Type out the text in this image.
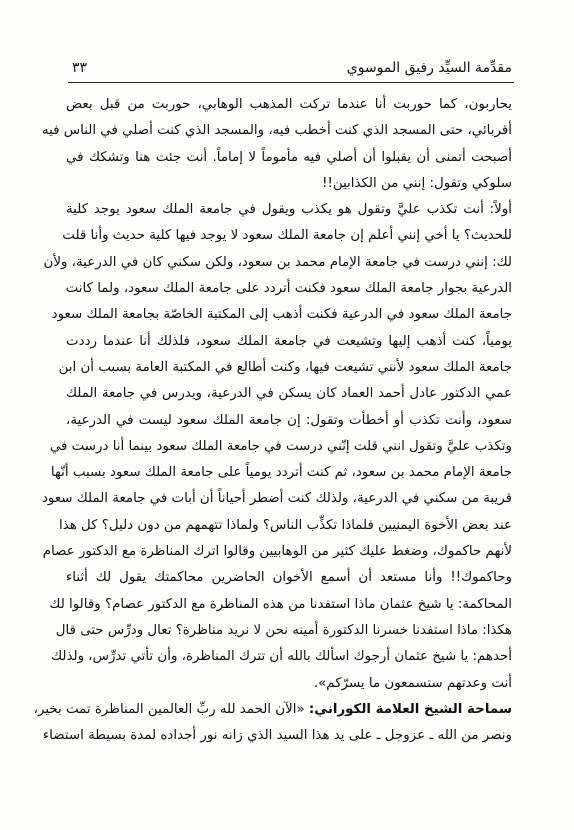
مقدِّمة السيِّد رفيق الموسوي
٣٣
يحاربون، كما حوربت أنا عندما تركت المذهب الوهابي، حوربت من قبل بعض
أقربائي، حتى المسجد الذي كنت أخطب فيه، والمسجد الذي كنت أصلي في الناس فيه
أصبحت أتمنى أن يقبلوا أن أصلي فيه مأموماً لا إماماً. أنت جئت هنا وتشكك في
سلوكي وتقول: إنني من الكذابين!!
أولاً: أنت تكذب عليَّ وتقول هو يكذب ويقول في جامعة الملك سعود يوجد كلية
للحديث؟ يا أخي إنني أعلم إن جامعة الملك سعود لا يوجد فيها كلية حديث وأنا قلت
لك: إنني درست في جامعة الإمام محمد بن سعود، ولكن سكني كان في الدرعية، ولأن
الدرعية بجوار جامعة الملك سعود فكنت أتردد على جامعة الملك سعود، ولما كانت
جامعة الملك سعود في الدرعية فكنت أذهب إلى المكتبة الخاصّة بجامعة الملك سعود
يومياً، كنت أذهب إليها وتشيعت في جامعة الملك سعود، فلذلك أنا عندما رددت
جامعة الملك سعود لأنني تشيعت فيها، وكنت أطالع في المكتبة العامة بسبب أن ابن
عمي الدكتور عادل أحمد العماد كان يسكن في الدرعية، ويدرس في جامعة الملك
سعود، وأنت تكذب أو أخطأت وتقول: إن جامعة الملك سعود ليست في الدرعية،
وتكذب عليَّ وتقول انني قلت إنّني درست في جامعة الملك سعود بينما أنا درست في
جامعة الإمام محمد بن سعود، ثم كنت أتردد يومياً على جامعة الملك سعود بسبب أنّها
قريبة من سكني في الدرعية، ولذلك كنت أضطر أحياناً أن أبات في جامعة الملك سعود
عند بعض الأخوة اليمنيين فلماذا تكذِّب الناس؟ ولماذا تتهمهم من دون دليل؟ كل هذا
لأنهم حاكموك، وضغط عليك كثير من الوهابيين وقالوا اترك المناظرة مع الدكتور عصام
وحاكموك!! وأنا مستعد أن أسمع الأخوان الحاضرين محاكمتك يقول لك أثناء
المحاكمة: يا شيخ عثمان ماذا استفدنا من هذه المناظرة مع الدكتور عصام؟ وقالوا لك
هكذا: ماذا استفدنا خسرنا الدكتورة أمينه نحن لا نريد مناظرة؟ تعال ودرِّس حتى قال
أحدهم: يا شيخ عثمان أرجوك اسألك بالله أن تترك المناظرة، وأن تأتي تدرِّس، ولذلك
أنت وعدتهم ستسمعون ما يسرّكم».
سماحة الشيخ العلامة الكوراني: «الآن الحمد لله ربِّ العالمين المناظرة تمت بخير،
ونصر من الله ـ عزوجل ـ على يد هذا السيد الذي زانه نور أجداده لمدة بسيطة استضاء
